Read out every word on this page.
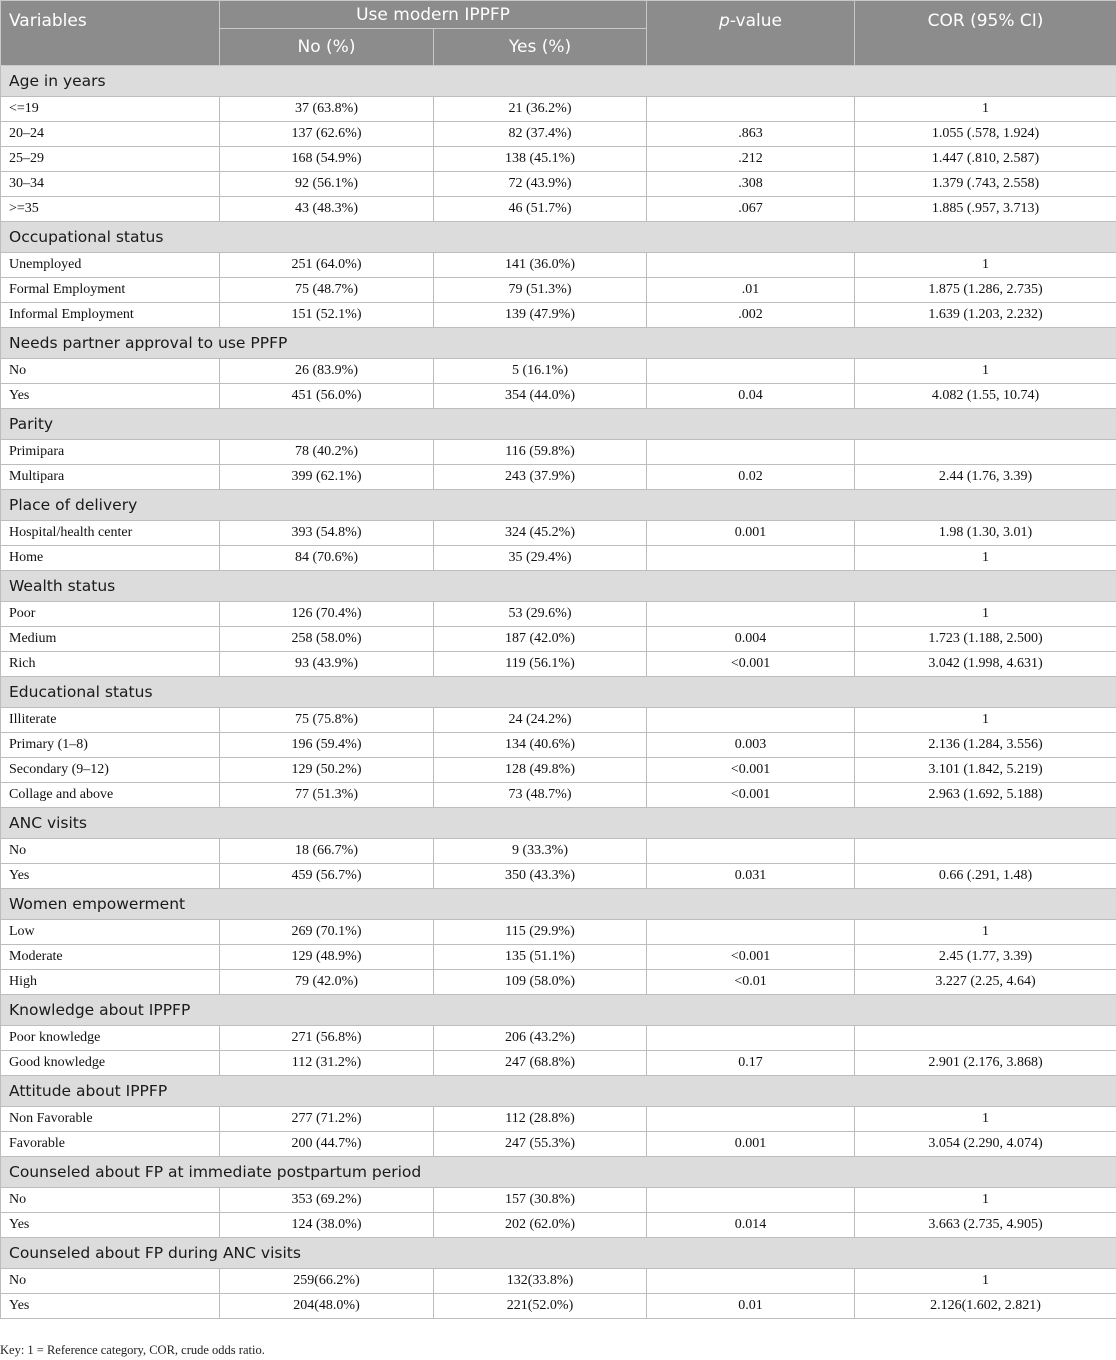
Variables	Use modern IPPFP		p-value	COR (95% CI)
	No (%)	Yes (%)		
Age in years				
<=19	37 (63.8%)	21 (36.2%)		1
20–24	137 (62.6%)	82 (37.4%)	.863	1.055 (.578, 1.924)
25–29	168 (54.9%)	138 (45.1%)	.212	1.447 (.810, 2.587)
30–34	92 (56.1%)	72 (43.9%)	.308	1.379 (.743, 2.558)
>=35	43 (48.3%)	46 (51.7%)	.067	1.885 (.957, 3.713)
Occupational status				
Unemployed	251 (64.0%)	141 (36.0%)		1
Formal Employment	75 (48.7%)	79 (51.3%)	.01	1.875 (1.286, 2.735)
Informal Employment	151 (52.1%)	139 (47.9%)	.002	1.639 (1.203, 2.232)
Needs partner approval to use PPFP				
No	26 (83.9%)	5 (16.1%)		1
Yes	451 (56.0%)	354 (44.0%)	0.04	4.082 (1.55, 10.74)
Parity				
Primipara	78 (40.2%)	116 (59.8%)		
Multipara	399 (62.1%)	243 (37.9%)	0.02	2.44 (1.76, 3.39)
Place of delivery				
Hospital/health center	393 (54.8%)	324 (45.2%)	0.001	1.98 (1.30, 3.01)
Home	84 (70.6%)	35 (29.4%)		1
Wealth status				
Poor	126 (70.4%)	53 (29.6%)		1
Medium	258 (58.0%)	187 (42.0%)	0.004	1.723 (1.188, 2.500)
Rich	93 (43.9%)	119 (56.1%)	<0.001	3.042 (1.998, 4.631)
Educational status				
Illiterate	75 (75.8%)	24 (24.2%)		1
Primary (1–8)	196 (59.4%)	134 (40.6%)	0.003	2.136 (1.284, 3.556)
Secondary (9–12)	129 (50.2%)	128 (49.8%)	<0.001	3.101 (1.842, 5.219)
Collage and above	77 (51.3%)	73 (48.7%)	<0.001	2.963 (1.692, 5.188)
ANC visits				
No	18 (66.7%)	9 (33.3%)		
Yes	459 (56.7%)	350 (43.3%)	0.031	0.66 (.291, 1.48)
Women empowerment				
Low	269 (70.1%)	115 (29.9%)		1
Moderate	129 (48.9%)	135 (51.1%)	<0.001	2.45 (1.77, 3.39)
High	79 (42.0%)	109 (58.0%)	<0.01	3.227 (2.25, 4.64)
Knowledge about IPPFP				
Poor knowledge	271 (56.8%)	206 (43.2%)		
Good knowledge	112 (31.2%)	247 (68.8%)	0.17	2.901 (2.176, 3.868)
Attitude about IPPFP				
Non Favorable	277 (71.2%)	112 (28.8%)		1
Favorable	200 (44.7%)	247 (55.3%)	0.001	3.054 (2.290, 4.074)
Counseled about FP at immediate postpartum period				
No	353 (69.2%)	157 (30.8%)		1
Yes	124 (38.0%)	202 (62.0%)	0.014	3.663 (2.735, 4.905)
Counseled about FP during ANC visits				
No	259(66.2%)	132(33.8%)		1
Yes	204(48.0%)	221(52.0%)	0.01	2.126(1.602, 2.821)
Key: 1 = Reference category, COR, crude odds ratio.
